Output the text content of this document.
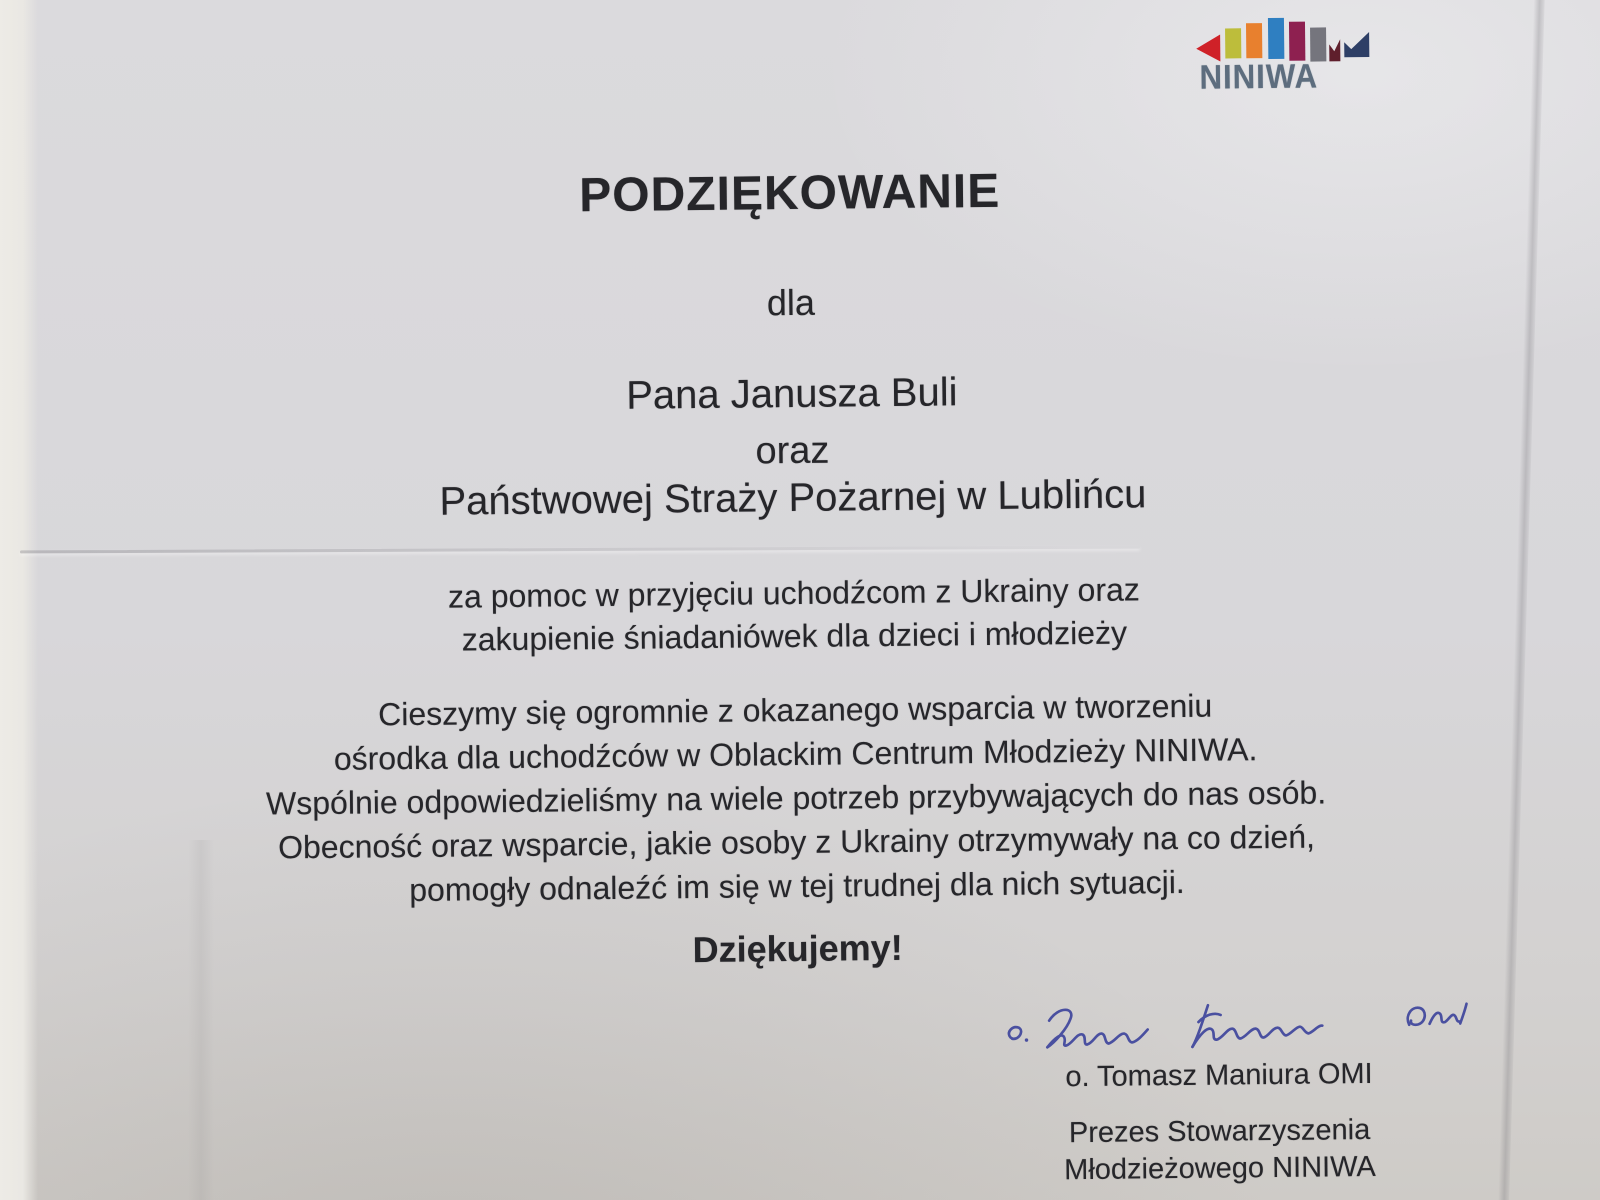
NINIWA
PODZIĘKOWANIE
dla
Pana Janusza Buli
oraz
Państwowej Straży Pożarnej w Lublińcu
za pomoc w przyjęciu uchodźcom z Ukrainy oraz
zakupienie śniadaniówek dla dzieci i młodzieży
Cieszymy się ogromnie z okazanego wsparcia w tworzeniu
ośrodka dla uchodźców w Oblackim Centrum Młodzieży NINIWA.
Wspólnie odpowiedzieliśmy na wiele potrzeb przybywających do nas osób.
Obecność oraz wsparcie, jakie osoby z Ukrainy otrzymywały na co dzień,
pomogły odnaleźć im się w tej trudnej dla nich sytuacji.
Dziękujemy!
o. Tomasz Maniura OMI
Prezes Stowarzyszenia
Młodzieżowego NINIWA
